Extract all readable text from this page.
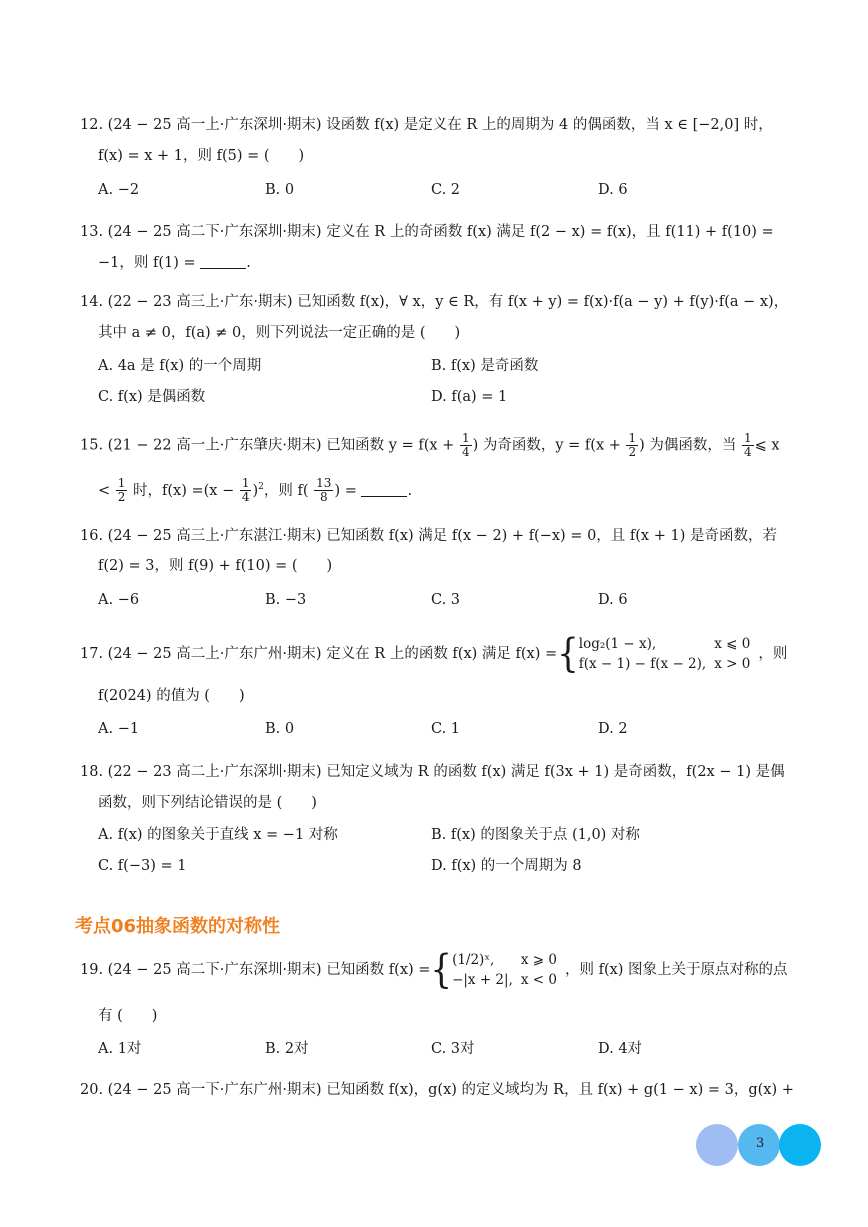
12. (24 − 25 高一上·广东深圳·期末) 设函数 f(x) 是定义在 R 上的周期为 4 的偶函数，当 x ∈ [−2,0] 时，
f(x) = x + 1，则 f(5) = (　　)
A. −2	B. 0	C. 2	D. 6
13. (24 − 25 高二下·广东深圳·期末) 定义在 R 上的奇函数 f(x) 满足 f(2 − x) = f(x)，且 f(11) + f(10) =
−1，则 f(1) =	.
14. (22 − 23 高三上·广东·期末) 已知函数 f(x)，∀ x，y ∈ R，有 f(x + y) = f(x)·f(a − y) + f(y)·f(a − x)，
其中 a ≠ 0，f(a) ≠ 0，则下列说法一定正确的是 (　　)
A. 4a 是 f(x) 的一个周期	B. f(x) 是奇函数
C. f(x) 是偶函数	D. f(a) = 1
15. (21 − 22 高一上·广东肇庆·期末) 已知函数 $y = f(x + \frac{1}{4}$ ) 为奇函数，$y = f(x + \frac{1}{2}$ ) 为偶函数，当 $\frac{1}{4}$ ⩽ x
< $\frac{1}{2}$ 时，$f(x) =(x - \frac{1}{4} )^2$，则 $f( \frac{13}{8}$ ) =	.
16. (24 − 25 高三上·广东湛江·期末) 已知函数 f(x) 满足 f(x − 2) + f(−x) = 0，且 f(x + 1) 是奇函数，若
f(2) = 3，则 f(9) + f(10) = (　　)
A. −6	B. −3	C. 3	D. 6
17. (24 − 25 高二上·广东广州·期末) 定义在 R 上的函数 f(x) 满足 f(x) ={ log₂(1 − x),	x ⩽ 0
f(x − 1) − f(x − 2),	x > 0，则
f(2024) 的值为 (　　)
A. −1	B. 0	C. 1	D. 2
18. (22 − 23 高二上·广东深圳·期末) 已知定义域为 R 的函数 f(x) 满足 f(3x + 1) 是奇函数，f(2x − 1) 是偶
函数，则下列结论错误的是 (　　)
A. f(x) 的图象关于直线 x = −1 对称	B. f(x) 的图象关于点 (1,0) 对称
C. f(−3) = 1	D. f(x) 的一个周期为 8
考点06抽象函数的对称性
19. (24 − 25 高二下·广东深圳·期末) 已知函数 f(x) ={ (1/2)ˣ,	x ⩾ 0
−|x + 2|,	x < 0，则 f(x) 图象上关于原点对称的点
有 (　　)
A. 1对	B. 2对	C. 3对	D. 4对
20. (24 − 25 高一下·广东广州·期末) 已知函数 f(x)，g(x) 的定义域均为 R，且 f(x) + g(1 − x) = 3，g(x) +
3
